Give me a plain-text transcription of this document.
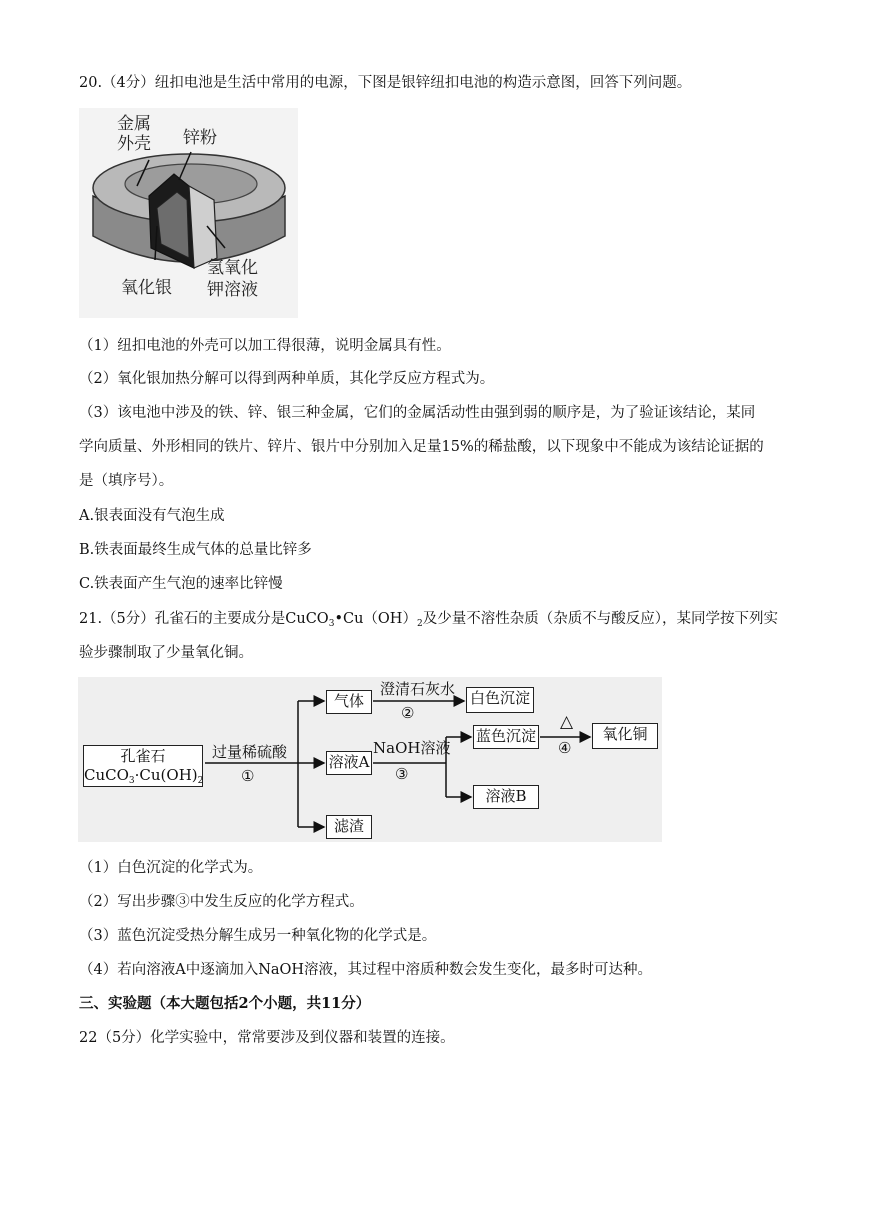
20.（4分）纽扣电池是生活中常用的电源，下图是银锌纽扣电池的构造示意图，回答下列问题。
金属
外壳 锌粉
氧化银
氢氧化
钾溶液
（1）纽扣电池的外壳可以加工得很薄，说明金属具有性。
（2）氧化银加热分解可以得到两种单质，其化学反应方程式为。
（3）该电池中涉及的铁、锌、银三种金属，它们的金属活动性由强到弱的顺序是，为了验证该结论，某同
学向质量、外形相同的铁片、锌片、银片中分别加入足量15%的稀盐酸，以下现象中不能成为该结论证据的
是（填序号）。
A.银表面没有气泡生成
B.铁表面最终生成气体的总量比锌多
C.铁表面产生气泡的速率比锌慢
21.（5分）孔雀石的主要成分是$CuCO_3•Cu(OH)_2$及少量不溶性杂质（杂质不与酸反应），某同学按下列实
验步骤制取了少量氧化铜。
孔雀石
$CuCO_3\cdot Cu(OH)_2$
过量稀硫酸
①
气体
澄清石灰水
②
白色沉淀
溶液A
NaOH溶液
③
蓝色沉淀
△
④
氧化铜
溶液B
滤渣
（1）白色沉淀的化学式为。
（2）写出步骤③中发生反应的化学方程式。
（3）蓝色沉淀受热分解生成另一种氧化物的化学式是。
（4）若向溶液A中逐滴加入NaOH溶液，其过程中溶质种数会发生变化，最多时可达种。
三、实验题（本大题包括2个小题，共11分）
22（5分）化学实验中，常常要涉及到仪器和装置的连接。
